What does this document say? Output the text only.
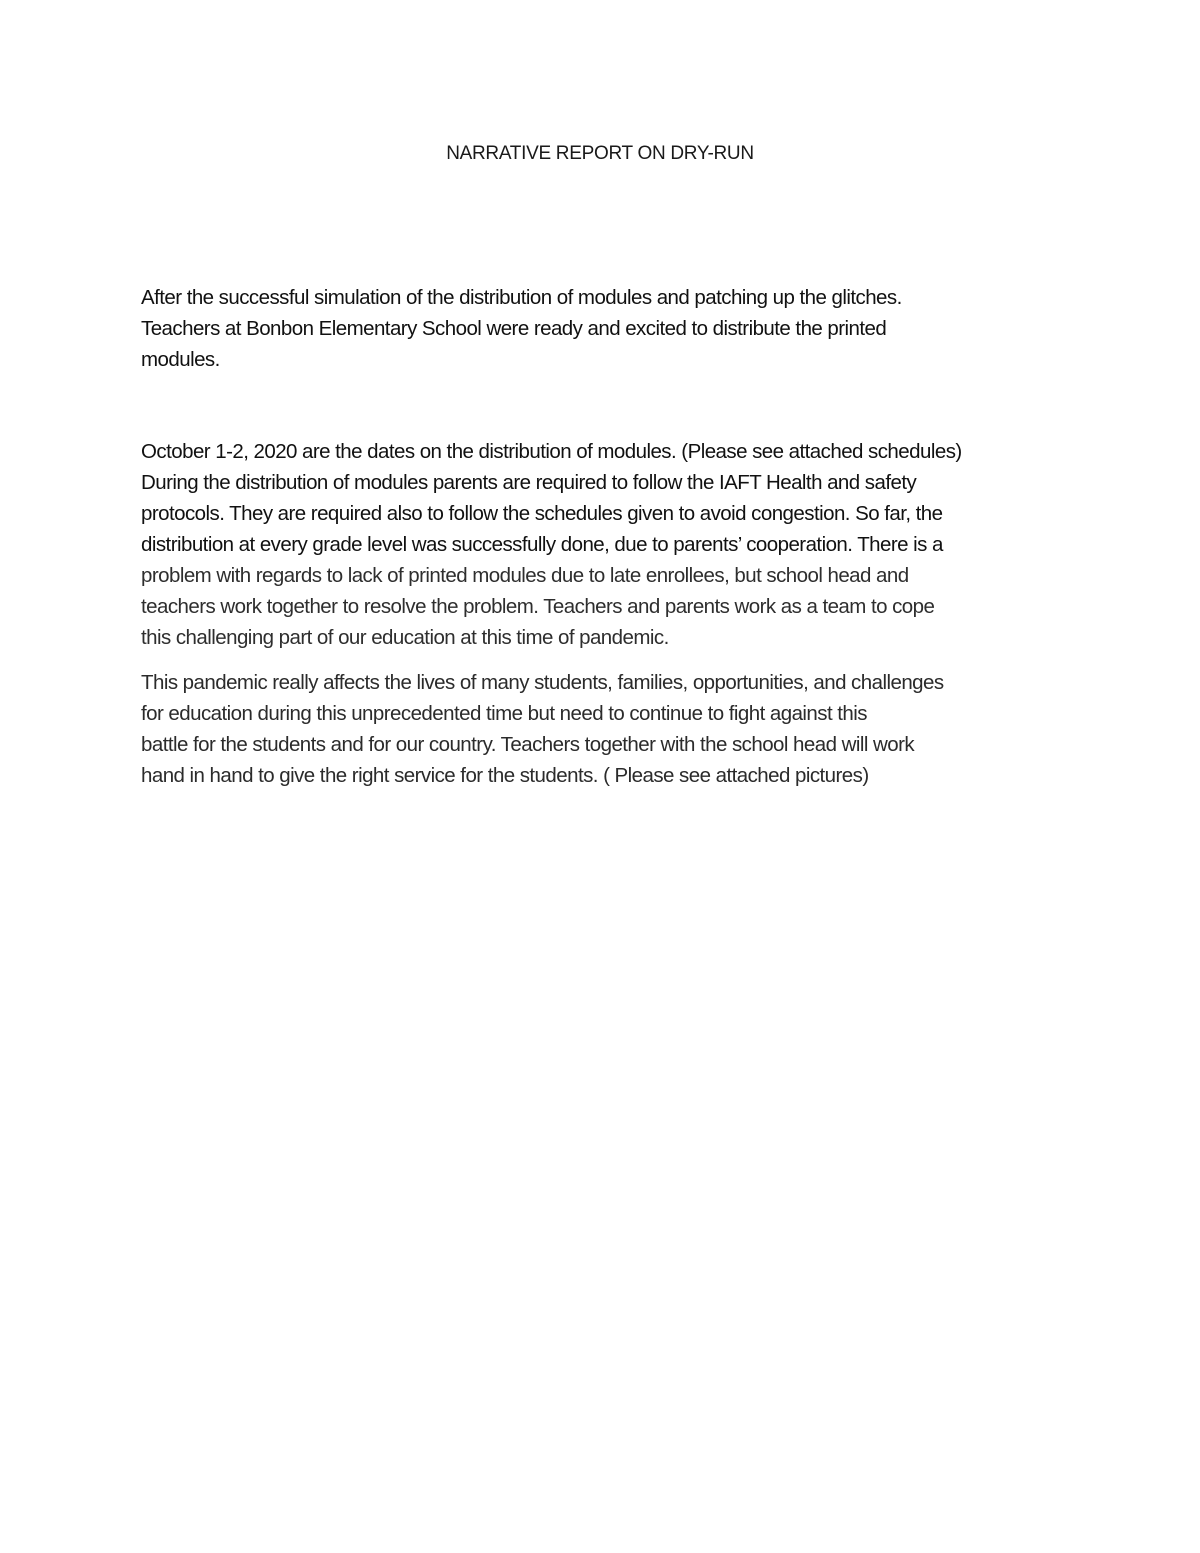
NARRATIVE REPORT ON DRY-RUN

After the successful simulation of the distribution of modules and patching up the glitches.
Teachers at Bonbon Elementary School were ready and excited to distribute the printed
modules.

October 1-2, 2020 are the dates on the distribution of modules. (Please see attached schedules)
During the distribution of modules parents are required to follow the IAFT Health and safety
protocols. They are required also to follow the schedules given to avoid congestion. So far, the
distribution at every grade level was successfully done, due to parents’ cooperation. There is a
problem with regards to lack of printed modules due to late enrollees, but school head and
teachers work together to resolve the problem. Teachers and parents work as a team to cope
this challenging part of our education at this time of pandemic.

This pandemic really affects the lives of many students, families, opportunities, and challenges
for education during this unprecedented time but need to continue to fight against this
battle for the students and for our country. Teachers together with the school head will work
hand in hand to give the right service for the students. ( Please see attached pictures)
